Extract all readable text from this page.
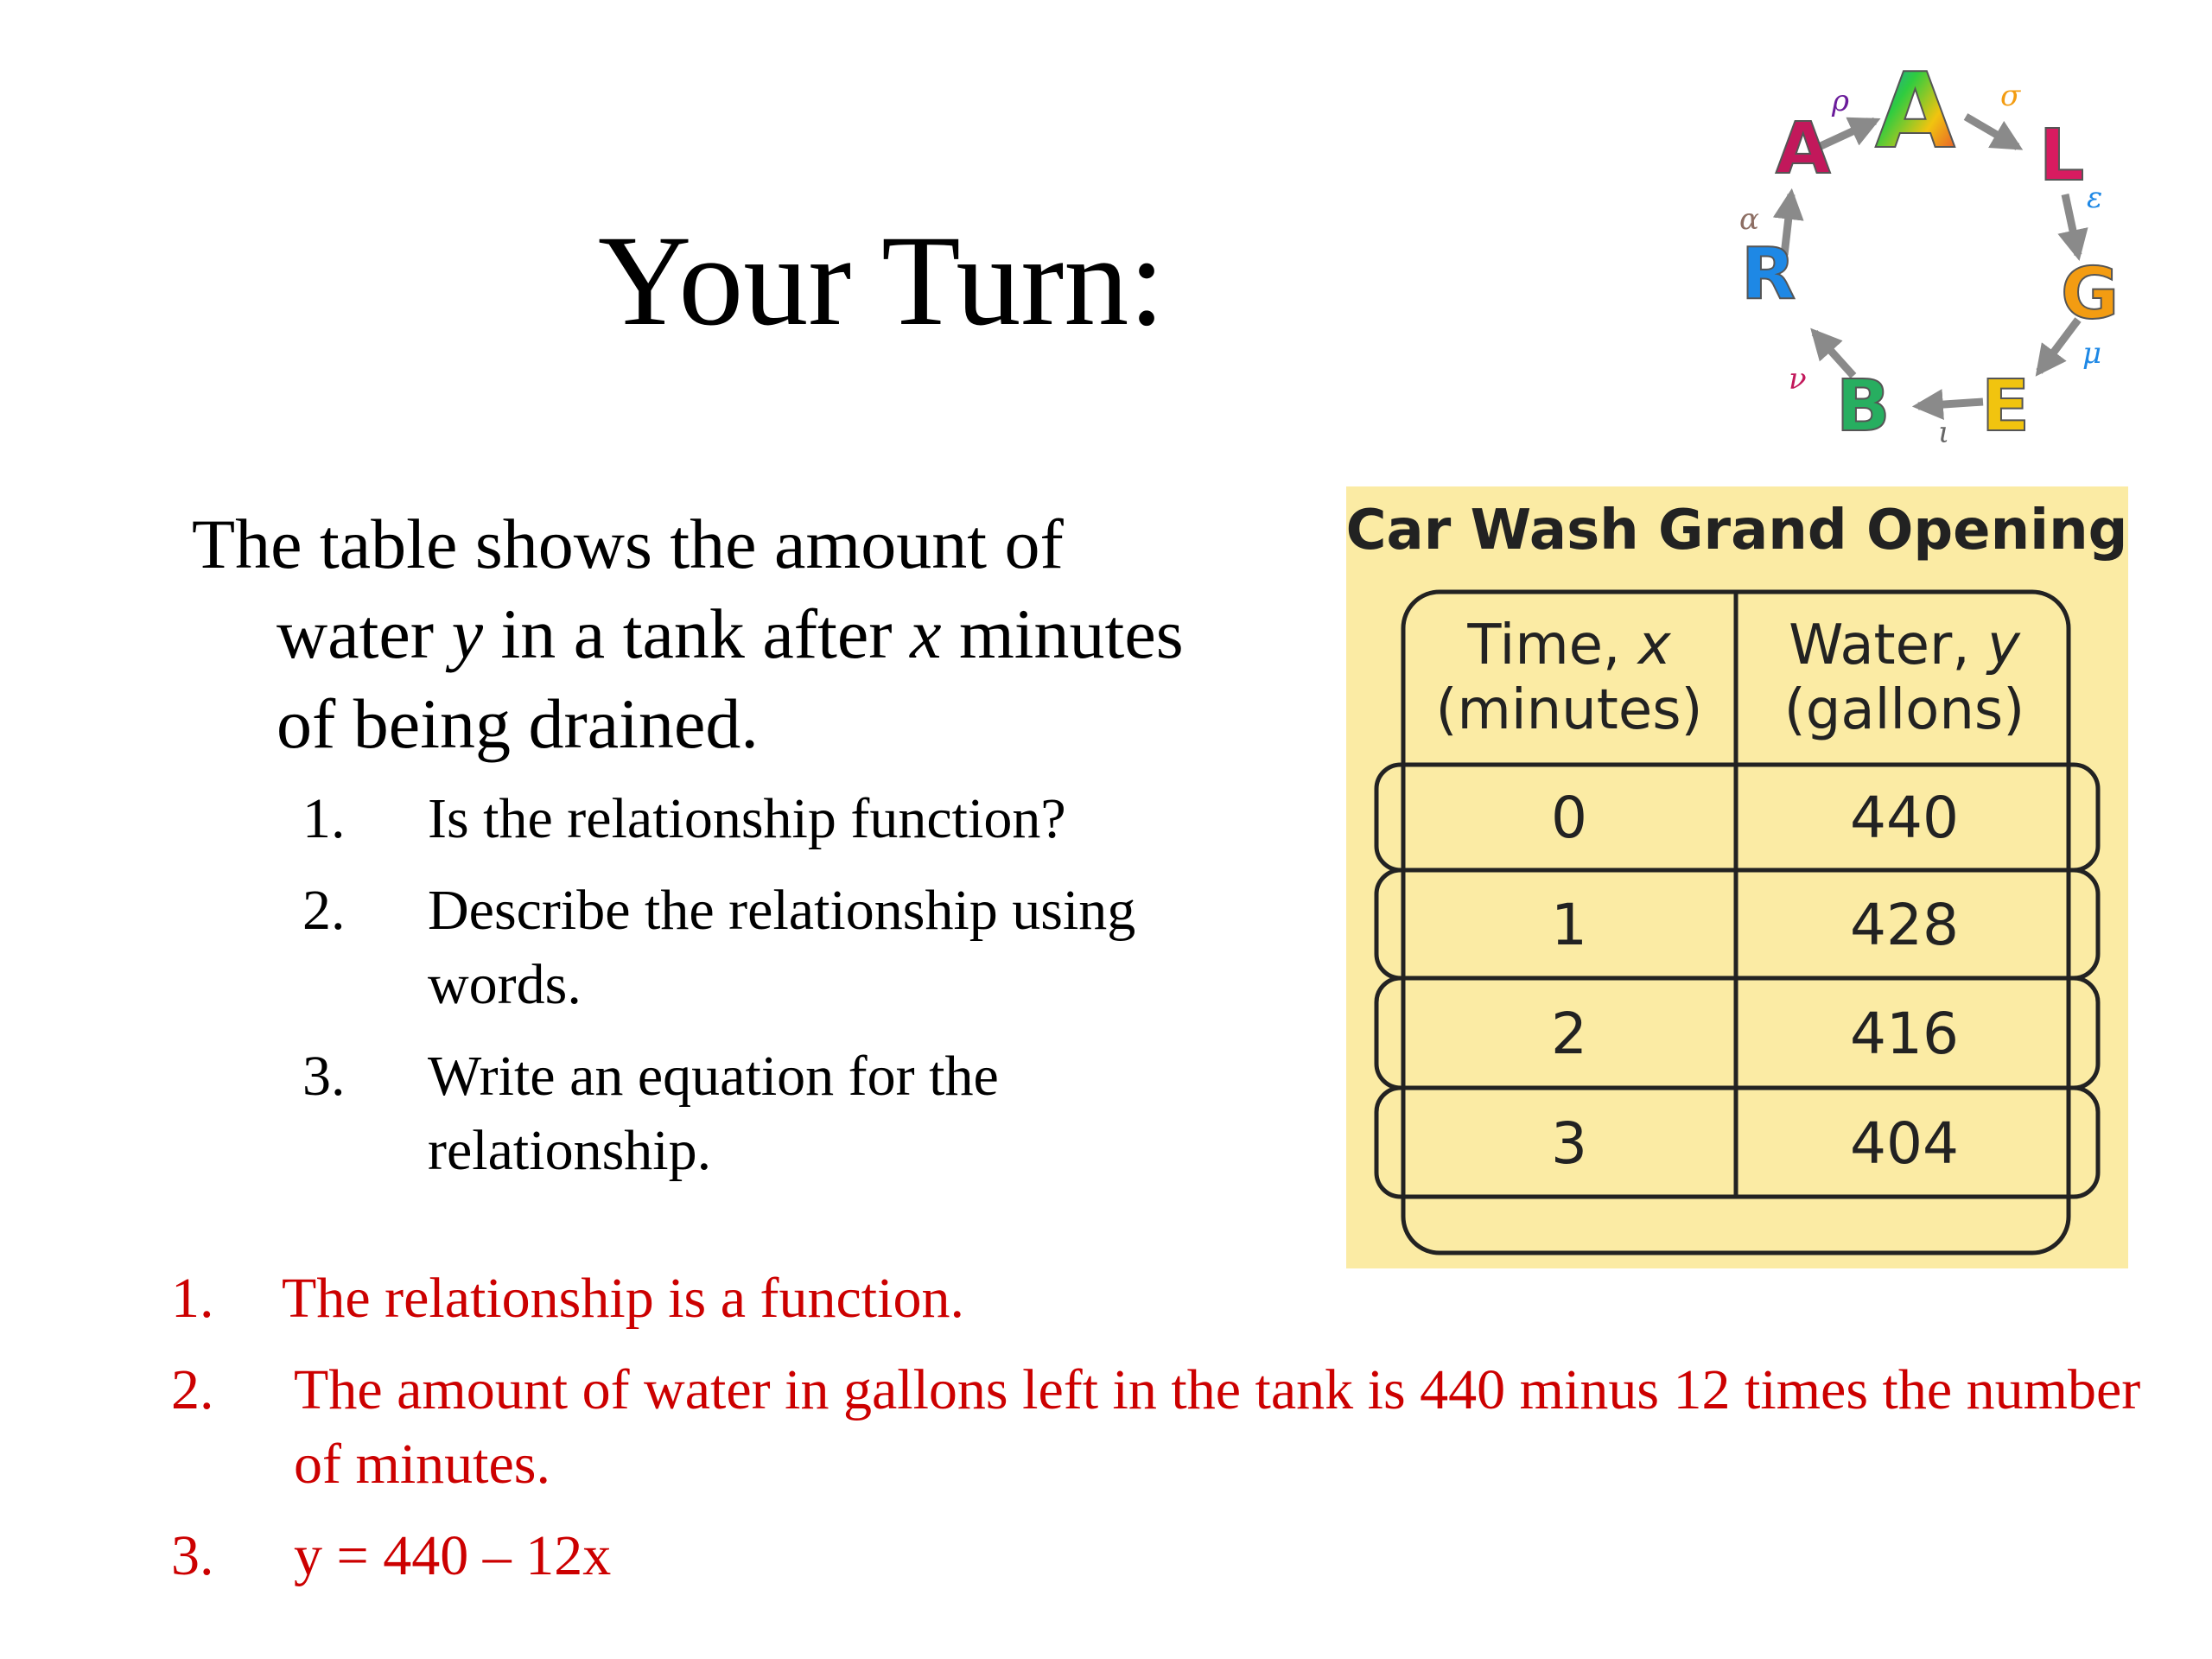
Your Turn:
A L
G
E
B
R
A
ρ	σ
ε
μ
ι
ν
α
The table shows the amount of
water y in a tank after x minutes
of being drained.
1.	Is the relationship function?
2.	Describe the relationship using words.
3.	Write an equation for the relationship.
1.	The relationship is a function.
2.	The amount of water in gallons left in the tank is 440 minus 12 times the number of minutes.
3.	y = 440 – 12x
Car Wash Grand Opening
Time, x
(minutes)
Water, y
(gallons)
0	440
1	428
2	416
3	404
